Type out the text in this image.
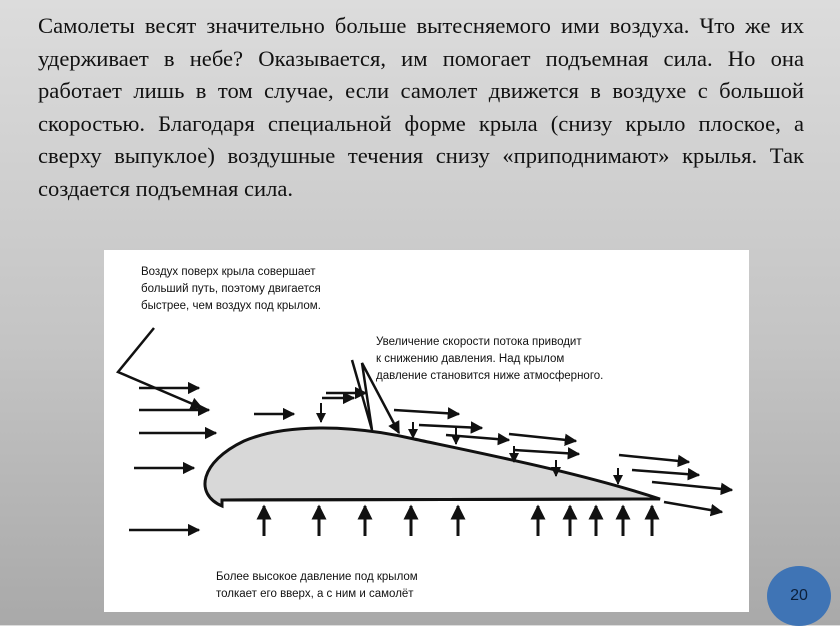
Самолеты весят значительно больше вытесняемого ими воздуха. Что же их удерживает в небе? Оказывается, им помогает подъемная сила. Но она работает лишь в том случае, если самолет движется в воздухе с большой скоростью. Благодаря специальной форме крыла (снизу крыло плоское, а сверху выпуклое) воздушные течения снизу «приподнимают» крылья. Так создается подъемная сила.
Воздух поверх крыла совершает больший путь, поэтому двигается быстрее, чем воздух под крылом.
Увеличение скорости потока приводит к снижению давления. Над крылом давление становится ниже атмосферного.
Более высокое давление под крылом толкает его вверх, а с ним и самолёт	20
